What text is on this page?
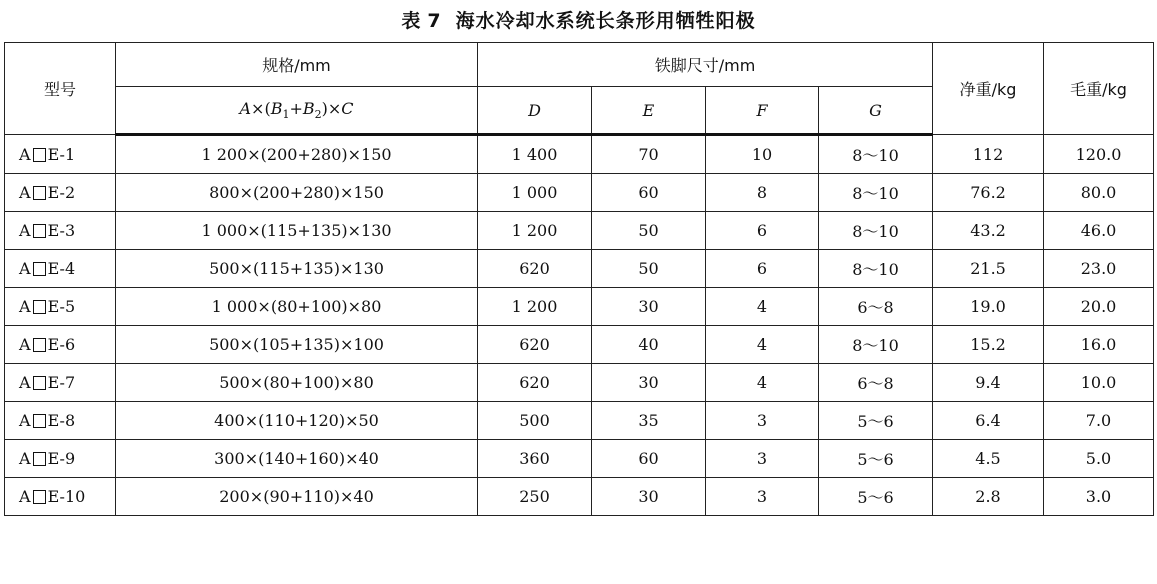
表 7 海水冷却水系统长条形用牺牲阳极
型号	规格/mm	铁脚尺寸/mm				净重/kg	毛重/kg
	$A\times(B_1+B_2)\times C$	D	E	F	G		
A E-1	1 200×(200+280)×150	1 400	70	10	8～10	112	120.0
A E-2	800×(200+280)×150	1 000	60	8	8～10	76.2	80.0
A E-3	1 000×(115+135)×130	1 200	50	6	8～10	43.2	46.0
A E-4	500×(115+135)×130	620	50	6	8～10	21.5	23.0
A E-5	1 000×(80+100)×80	1 200	30	4	6～8	19.0	20.0
A E-6	500×(105+135)×100	620	40	4	8～10	15.2	16.0
A E-7	500×(80+100)×80	620	30	4	6～8	9.4	10.0
A E-8	400×(110+120)×50	500	35	3	5～6	6.4	7.0
A E-9	300×(140+160)×40	360	60	3	5～6	4.5	5.0
A E-10	200×(90+110)×40	250	30	3	5～6	2.8	3.0
